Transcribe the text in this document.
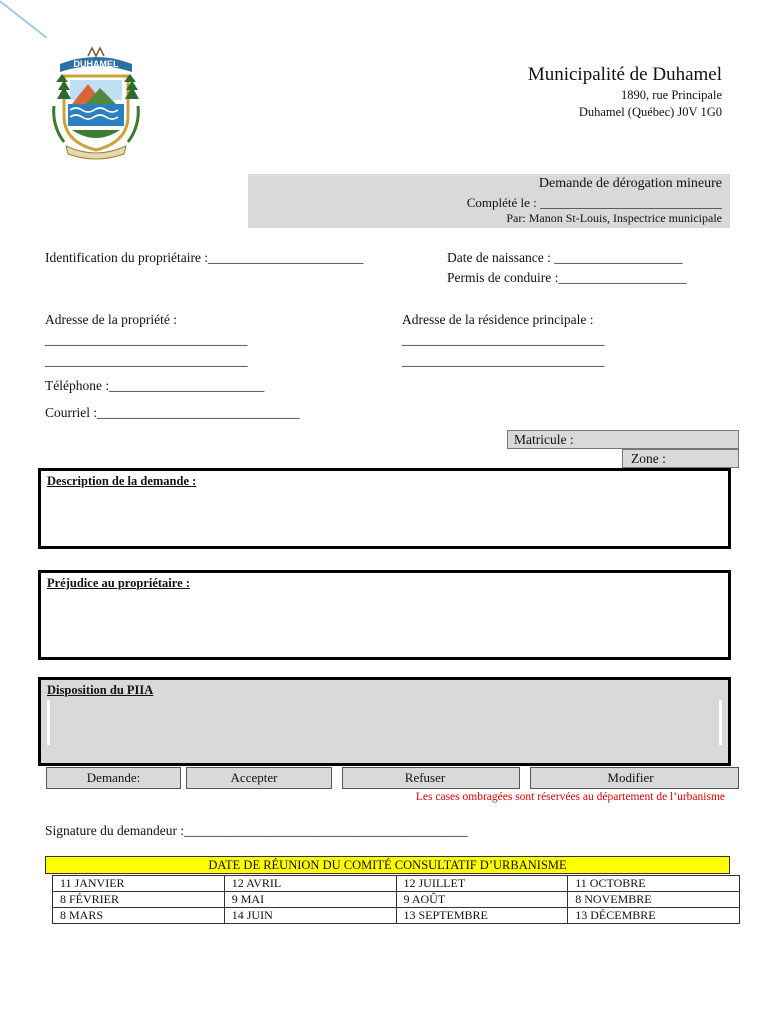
DUHAMEL	Municipalité de Duhamel
1890, rue Principale
Duhamel (Québec) J0V 1G0
Demande de dérogation mineure
Complété le : ____________________________
Par: Manon St-Louis, Inspectrice municipale
Identification du propriétaire :_______________________	Date de naissance : ___________________
Permis de conduire :___________________
Adresse de la propriété :
______________________________
______________________________
Adresse de la résidence principale :
______________________________
______________________________
Téléphone :_______________________
Courriel :______________________________
Matricule :
Zone :
Description de la demande :
Préjudice au propriétaire :
Disposition du PIIA
Demande:	Accepter	Refuser	Modifier
Les cases ombragées sont réservées au département de l’urbanisme
Signature du demandeur :__________________________________________
DATE DE RÉUNION DU COMITÉ CONSULTATIF D’URBANISME
11 JANVIER	12 AVRIL	12 JUILLET	11 OCTOBRE
8 FÉVRIER	9 MAI	9 AOÛT	8 NOVEMBRE
8 MARS	14 JUIN	13 SEPTEMBRE	13 DÉCEMBRE
